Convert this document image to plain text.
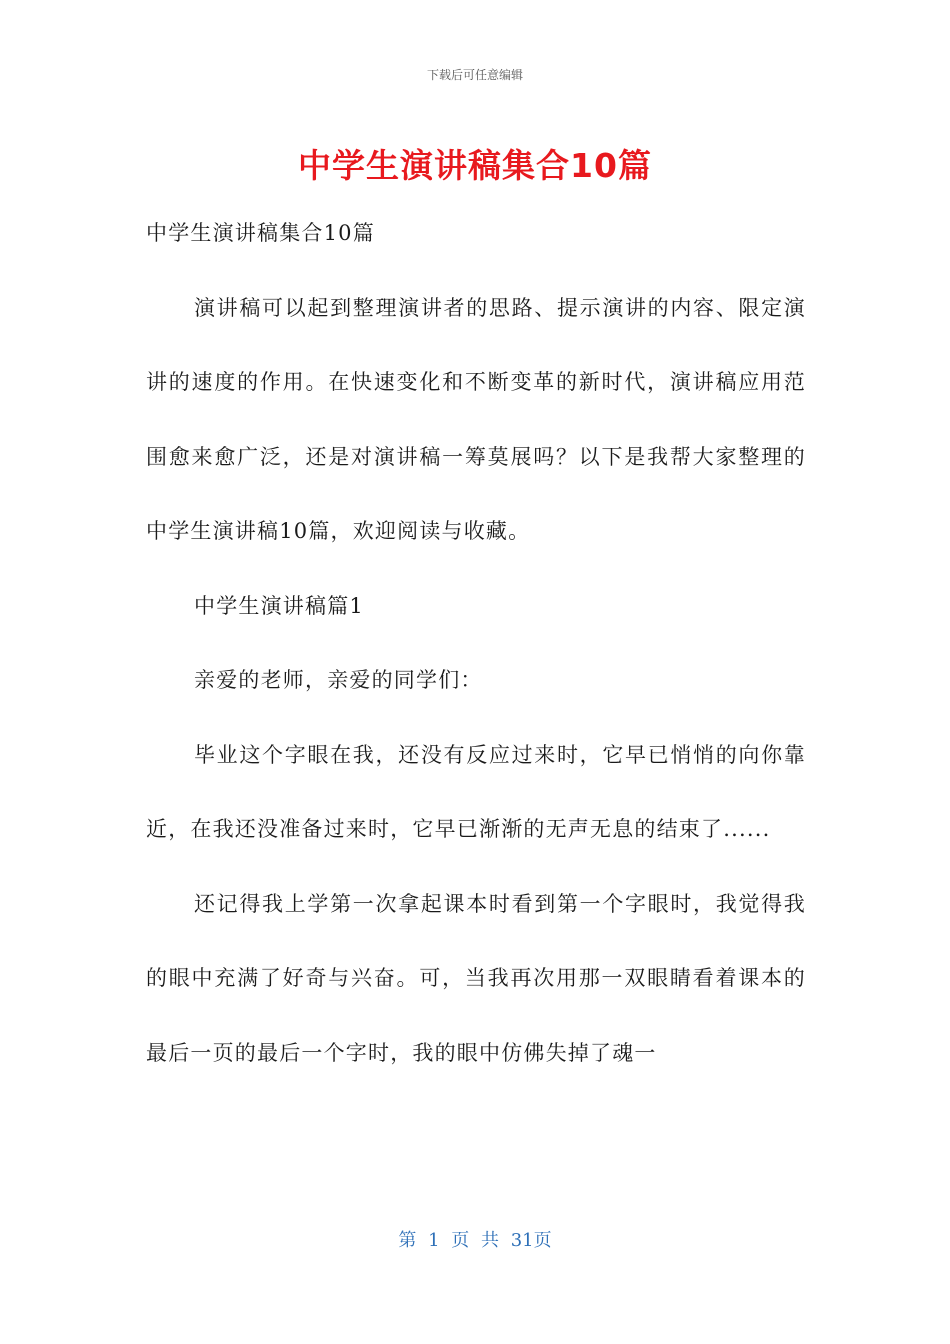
下载后可任意编辑
中学生演讲稿集合10篇

中学生演讲稿集合10篇

演讲稿可以起到整理演讲者的思路、提示演讲的内容、限定演讲的速度的作用。在快速变化和不断变革的新时代，演讲稿应用范围愈来愈广泛，还是对演讲稿一筹莫展吗？以下是我帮大家整理的中学生演讲稿10篇，欢迎阅读与收藏。

中学生演讲稿篇1

亲爱的老师，亲爱的同学们：

毕业这个字眼在我，还没有反应过来时，它早已悄悄的向你靠近，在我还没准备过来时，它早已渐渐的无声无息的结束了......

还记得我上学第一次拿起课本时看到第一个字眼时，我觉得我的眼中充满了好奇与兴奋。可，当我再次用那一双眼睛看着课本的最后一页的最后一个字时，我的眼中仿佛失掉了魂一

第 1 页 共 31页
